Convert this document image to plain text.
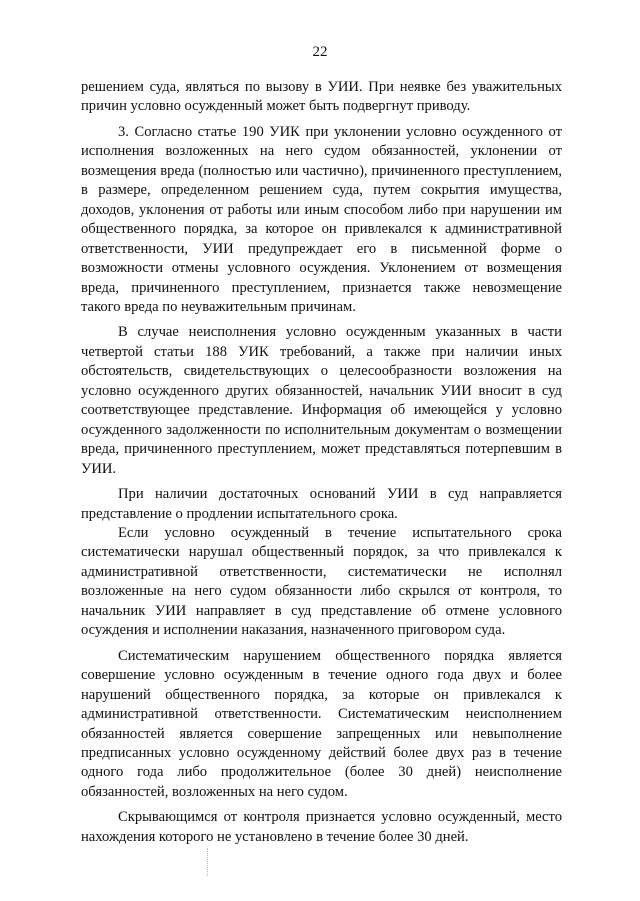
22

решением суда, являться по вызову в УИИ. При неявке без уважительных причин условно осужденный может быть подвергнут приводу.

3. Согласно статье 190 УИК при уклонении условно осужденного от исполнения возложенных на него судом обязанностей, уклонении от возмещения вреда (полностью или частично), причиненного преступлением, в размере, определенном решением суда, путем сокрытия имущества, доходов, уклонения от работы или иным способом либо при нарушении им общественного порядка, за которое он привлекался к административной ответственности, УИИ предупреждает его в письменной форме о возможности отмены условного осуждения. Уклонением от возмещения вреда, причиненного преступлением, признается также невозмещение такого вреда по неуважительным причинам.

В случае неисполнения условно осужденным указанных в части четвертой статьи 188 УИК требований, а также при наличии иных обстоятельств, свидетельствующих о целесообразности возложения на условно осужденного других обязанностей, начальник УИИ вносит в суд соответствующее представление. Информация об имеющейся у условно осужденного задолженности по исполнительным документам о возмещении вреда, причиненного преступлением, может представляться потерпевшим в УИИ.

При наличии достаточных оснований УИИ в суд направляется представление о продлении испытательного срока.

Если условно осужденный в течение испытательного срока систематически нарушал общественный порядок, за что привлекался к административной ответственности, систематически не исполнял возложенные на него судом обязанности либо скрылся от контроля, то начальник УИИ направляет в суд представление об отмене условного осуждения и исполнении наказания, назначенного приговором суда.

Систематическим нарушением общественного порядка является совершение условно осужденным в течение одного года двух и более нарушений общественного порядка, за которые он привлекался к административной ответственности. Систематическим неисполнением обязанностей является совершение запрещенных или невыполнение предписанных условно осужденному действий более двух раз в течение одного года либо продолжительное (более 30 дней) неисполнение обязанностей, возложенных на него судом.

Скрывающимся от контроля признается условно осужденный, место нахождения которого не установлено в течение более 30 дней.
